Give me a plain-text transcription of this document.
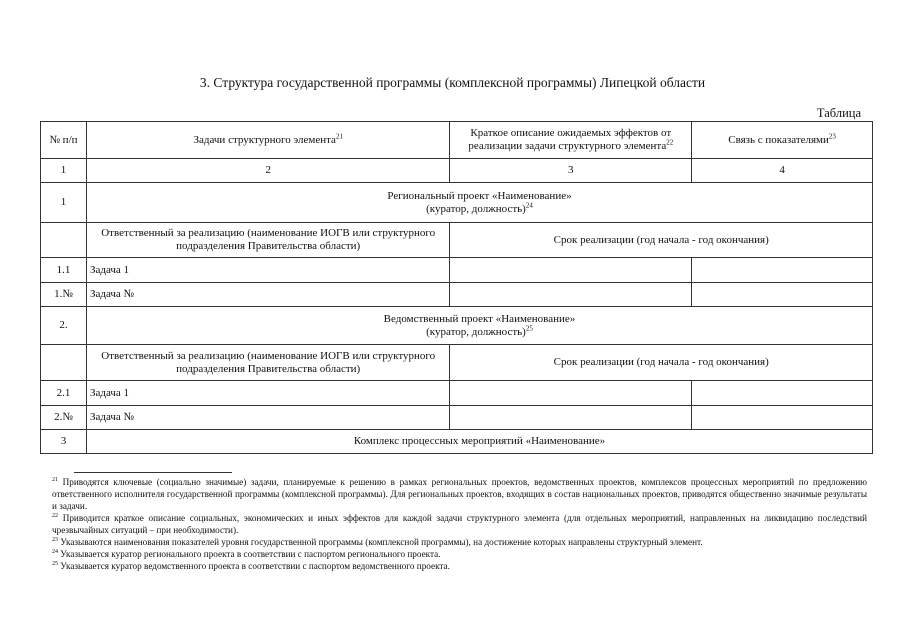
3. Структура государственной программы (комплексной программы) Липецкой области
Таблица
№ п/п	Задачи структурного элемента$^{21}$	Краткое описание ожидаемых эффектов от реализации задачи структурного элемента$^{22}$	Связь с показателями$^{23}$
1	2	3	4
1	Региональный проект «Наименование»
(куратор, должность)$^{24}$
	Ответственный за реализацию (наименование ИОГВ или структурного подразделения Правительства области)	Срок реализации (год начала - год окончания)	
1.1	Задача 1		
1.№	Задача №		
2.	Ведомственный проект «Наименование»
(куратор, должность)$^{25}$
	Ответственный за реализацию (наименование ИОГВ или структурного подразделения Правительства области)	Срок реализации (год начала - год окончания)	
2.1	Задача 1		
2.№	Задача №		
3	Комплекс процессных мероприятий «Наименование»		

$^{21}$ Приводятся ключевые (социально значимые) задачи, планируемые к решению в рамках региональных проектов, ведомственных проектов, комплексов процессных мероприятий по предложению ответственного исполнителя государственной программы (комплексной программы). Для региональных проектов, входящих в состав национальных проектов, приводятся общественно значимые результаты и задачи.

$^{22}$ Приводится краткое описание социальных, экономических и иных эффектов для каждой задачи структурного элемента (для отдельных мероприятий, направленных на ликвидацию последствий чрезвычайных ситуаций – при необходимости).

$^{23}$ Указываются наименования показателей уровня государственной программы (комплексной программы), на достижение которых направлены структурный элемент.

$^{24}$ Указывается куратор регионального проекта в соответствии с паспортом регионального проекта.

$^{25}$ Указывается куратор ведомственного проекта в соответствии с паспортом ведомственного проекта.
